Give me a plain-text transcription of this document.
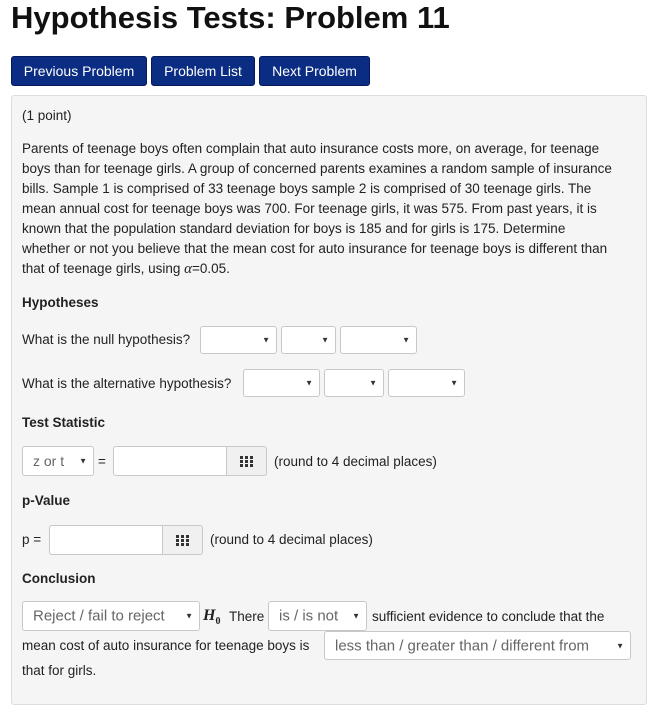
Hypothesis Tests: Problem 11
Previous Problem	Problem List	Next Problem
(1 point)

Parents of teenage boys often complain that auto insurance costs more, on average, for teenage
boys than for teenage girls. A group of concerned parents examines a random sample of insurance
bills. Sample 1 is comprised of 33 teenage boys sample 2 is comprised of 30 teenage girls. The
mean annual cost for teenage boys was 700. For teenage girls, it was 575. From past years, it is
known that the population standard deviation for boys is 185 and for girls is 175. Determine
whether or not you believe that the mean cost for auto insurance for teenage boys is different than
that of teenage girls, using α=0.05.

Hypotheses
What is the null hypothesis?	▼	▼	▼
What is the alternative hypothesis?	▼	▼	▼
Test Statistic
z or t ▼ =	(round to 4 decimal places)
p-Value
p =	(round to 4 decimal places)
Conclusion
Reject / fail to reject	▼ $H_0$ There is / is not ▼ sufficient evidence to conclude that the
mean cost of auto insurance for teenage boys is less than / greater than / different from	▼
that for girls.
